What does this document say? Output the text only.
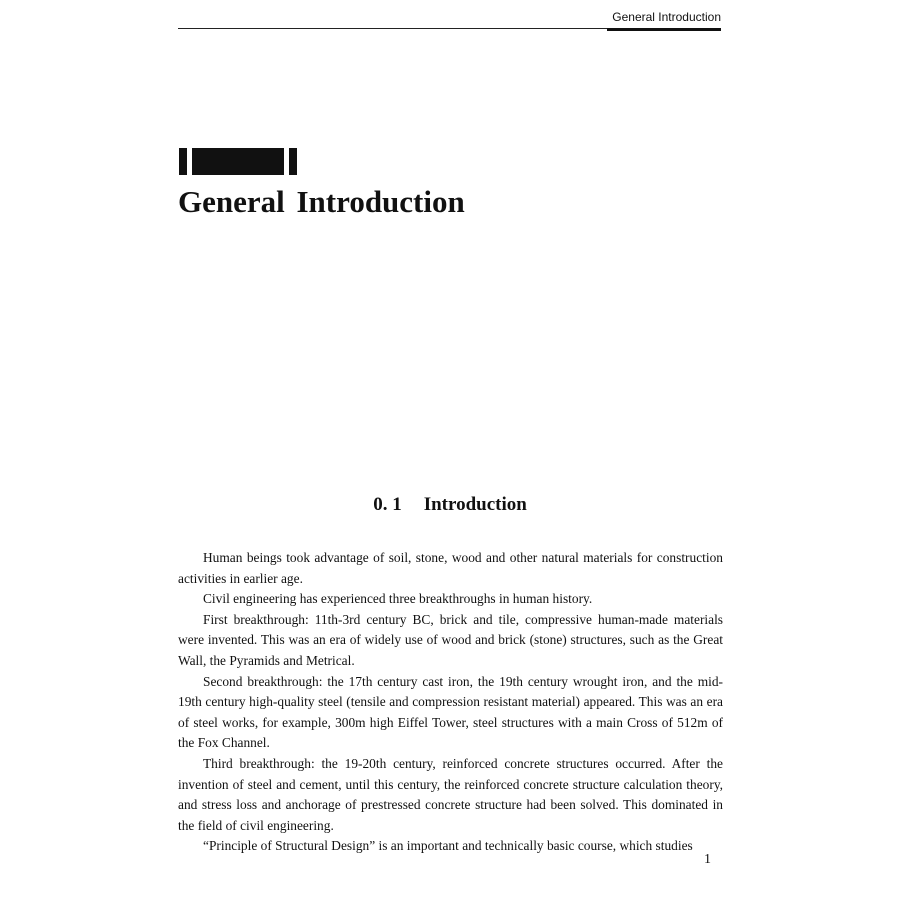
General Introduction
General Introduction
0. 1 Introduction

Human beings took advantage of soil, stone, wood and other natural materials for construction activities in earlier age.

Civil engineering has experienced three breakthroughs in human history.

First breakthrough: 11th-3rd century BC, brick and tile, compressive human-made materials were invented. This was an era of widely use of wood and brick (stone) structures, such as the Great Wall, the Pyramids and Metrical.

Second breakthrough: the 17th century cast iron, the 19th century wrought iron, and the mid-19th century high-quality steel (tensile and compression resistant material) appeared. This was an era of steel works, for example, 300m high Eiffel Tower, steel structures with a main Cross of 512m of the Fox Channel.

Third breakthrough: the 19-20th century, reinforced concrete structures occurred. After the invention of steel and cement, until this century, the reinforced concrete structure calculation theory, and stress loss and anchorage of prestressed concrete structure had been solved. This dominated in the field of civil engineering.

“Principle of Structural Design” is an important and technically basic course, which studies

1
